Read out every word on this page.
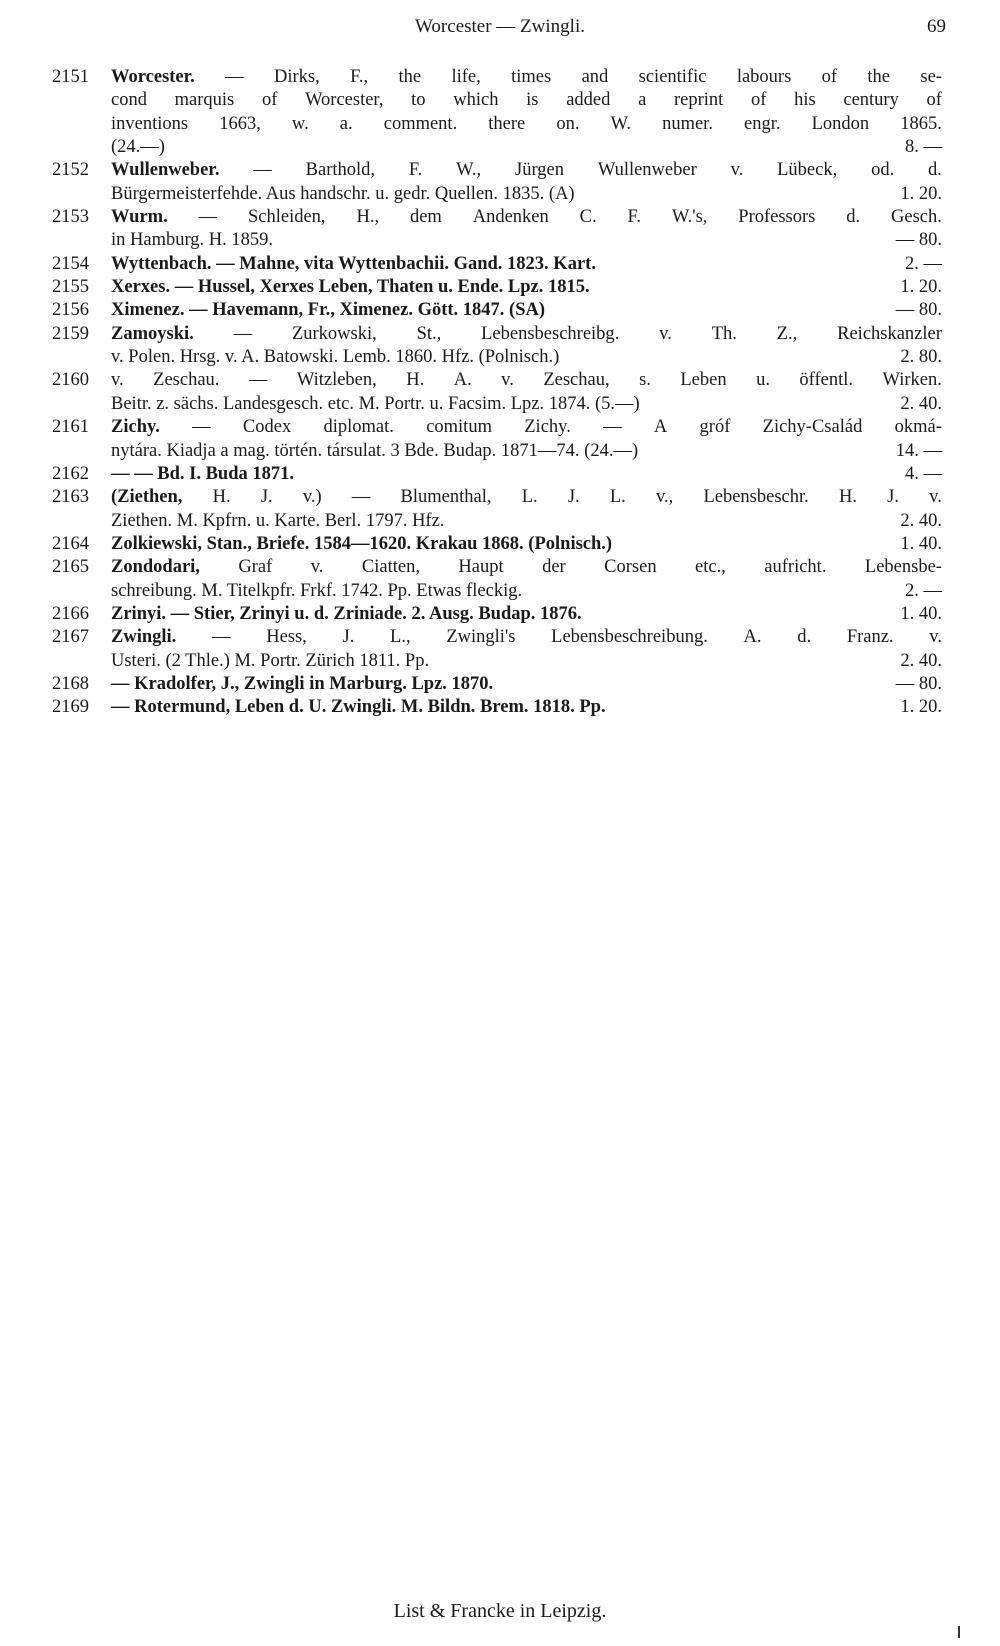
Worcester — Zwingli.	69
2151 Worcester. — Dirks, F., the life, times and scientific labours of the se-
cond marquis of Worcester, to which is added a reprint of his century of
inventions 1663, w. a. comment. there on. W. numer. engr. London 1865.
(24.—)	8. —
2152 Wullenweber. — Barthold, F. W., Jürgen Wullenweber v. Lübeck, od. d.
Bürgermeisterfehde. Aus handschr. u. gedr. Quellen. 1835. (A)	1. 20.
2153 Wurm. — Schleiden, H., dem Andenken C. F. W.'s, Professors d. Gesch.
in Hamburg. H. 1859.	— 80.
2154 Wyttenbach. — Mahne, vita Wyttenbachii. Gand. 1823. Kart.	2. —
2155 Xerxes. — Hussel, Xerxes Leben, Thaten u. Ende. Lpz. 1815.	1. 20.
2156 Ximenez. — Havemann, Fr., Ximenez. Gött. 1847. (SA)	— 80.
2159 Zamoyski. — Zurkowski, St., Lebensbeschreibg. v. Th. Z., Reichskanzler
v. Polen. Hrsg. v. A. Batowski. Lemb. 1860. Hfz. (Polnisch.)	2. 80.
2160 v. Zeschau. — Witzleben, H. A. v. Zeschau, s. Leben u. öffentl. Wirken.
Beitr. z. sächs. Landesgesch. etc. M. Portr. u. Facsim. Lpz. 1874. (5.—)	2. 40.
2161 Zichy. — Codex diplomat. comitum Zichy. — A gróf Zichy-Család okmá-
nytára. Kiadja a mag. történ. társulat. 3 Bde. Budap. 1871—74. (24.—)	14. —
2162 — — Bd. I. Buda 1871.	4. —
2163 (Ziethen, H. J. v.) — Blumenthal, L. J. L. v., Lebensbeschr. H. J. v.
Ziethen. M. Kpfrn. u. Karte. Berl. 1797. Hfz.	2. 40.
2164 Zolkiewski, Stan., Briefe. 1584—1620. Krakau 1868. (Polnisch.)	1. 40.
2165 Zondodari, Graf v. Ciatten, Haupt der Corsen etc., aufricht. Lebensbe-
schreibung. M. Titelkpfr. Frkf. 1742. Pp. Etwas fleckig.	2. —
2166 Zrinyi. — Stier, Zrinyi u. d. Zriniade. 2. Ausg. Budap. 1876.	1. 40.
2167 Zwingli. — Hess, J. L., Zwingli's Lebensbeschreibung. A. d. Franz. v.
Usteri. (2 Thle.) M. Portr. Zürich 1811. Pp.	2. 40.
2168 — Kradolfer, J., Zwingli in Marburg. Lpz. 1870.	— 80.
2169 — Rotermund, Leben d. U. Zwingli. M. Bildn. Brem. 1818. Pp.	1. 20.
List & Francke in Leipzig.
